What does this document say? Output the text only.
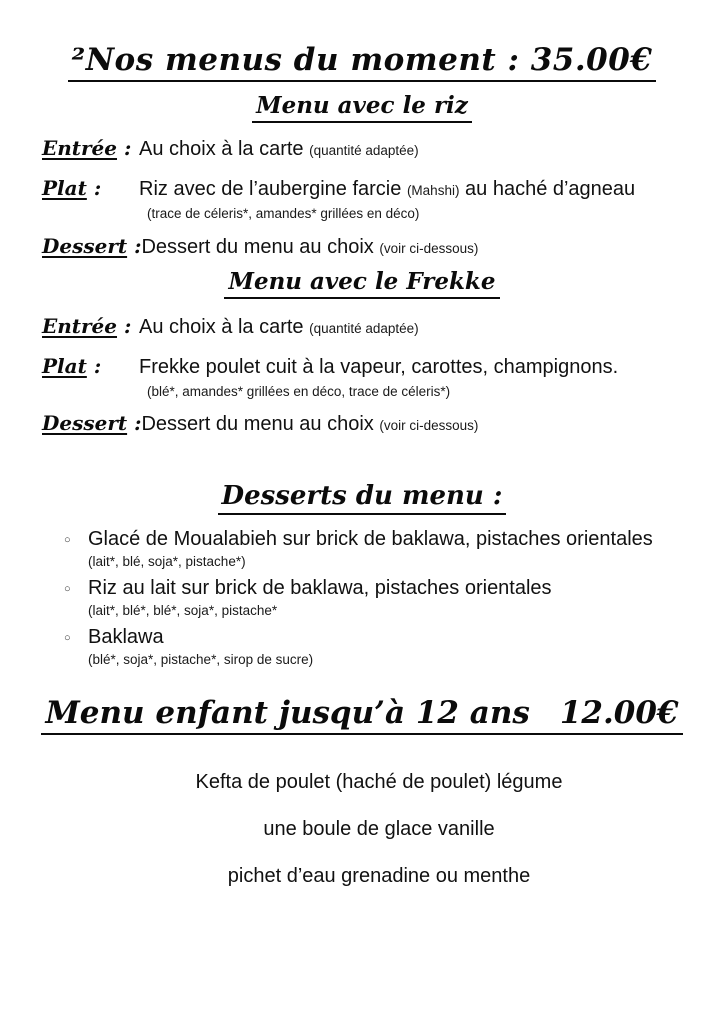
²Nos menus du moment : 35.00€
Menu avec le riz
Entrée : Au choix à la carte (quantité adaptée)
Plat :	Riz avec de l’aubergine farcie (Mahshi) au haché d’agneau
(trace de céleris*, amandes* grillées en déco)
Dessert : Dessert du menu au choix (voir ci-dessous)
Menu avec le Frekke
Entrée : Au choix à la carte (quantité adaptée)
Plat :	Frekke poulet cuit à la vapeur, carottes, champignons.
(blé*, amandes* grillées en déco, trace de céleris*)
Dessert : Dessert du menu au choix (voir ci-dessous)
Desserts du menu :
○ Glacé de Moualabieh sur brick de baklawa, pistaches orientales
(lait*, blé, soja*, pistache*)
○ Riz au lait sur brick de baklawa, pistaches orientales
(lait*, blé*, blé*, soja*, pistache*
○ Baklawa
(blé*, soja*, pistache*, sirop de sucre)
Menu enfant jusqu’à 12 ans 12.00€
Kefta de poulet (haché de poulet) légume
une boule de glace vanille
pichet d’eau grenadine ou menthe
